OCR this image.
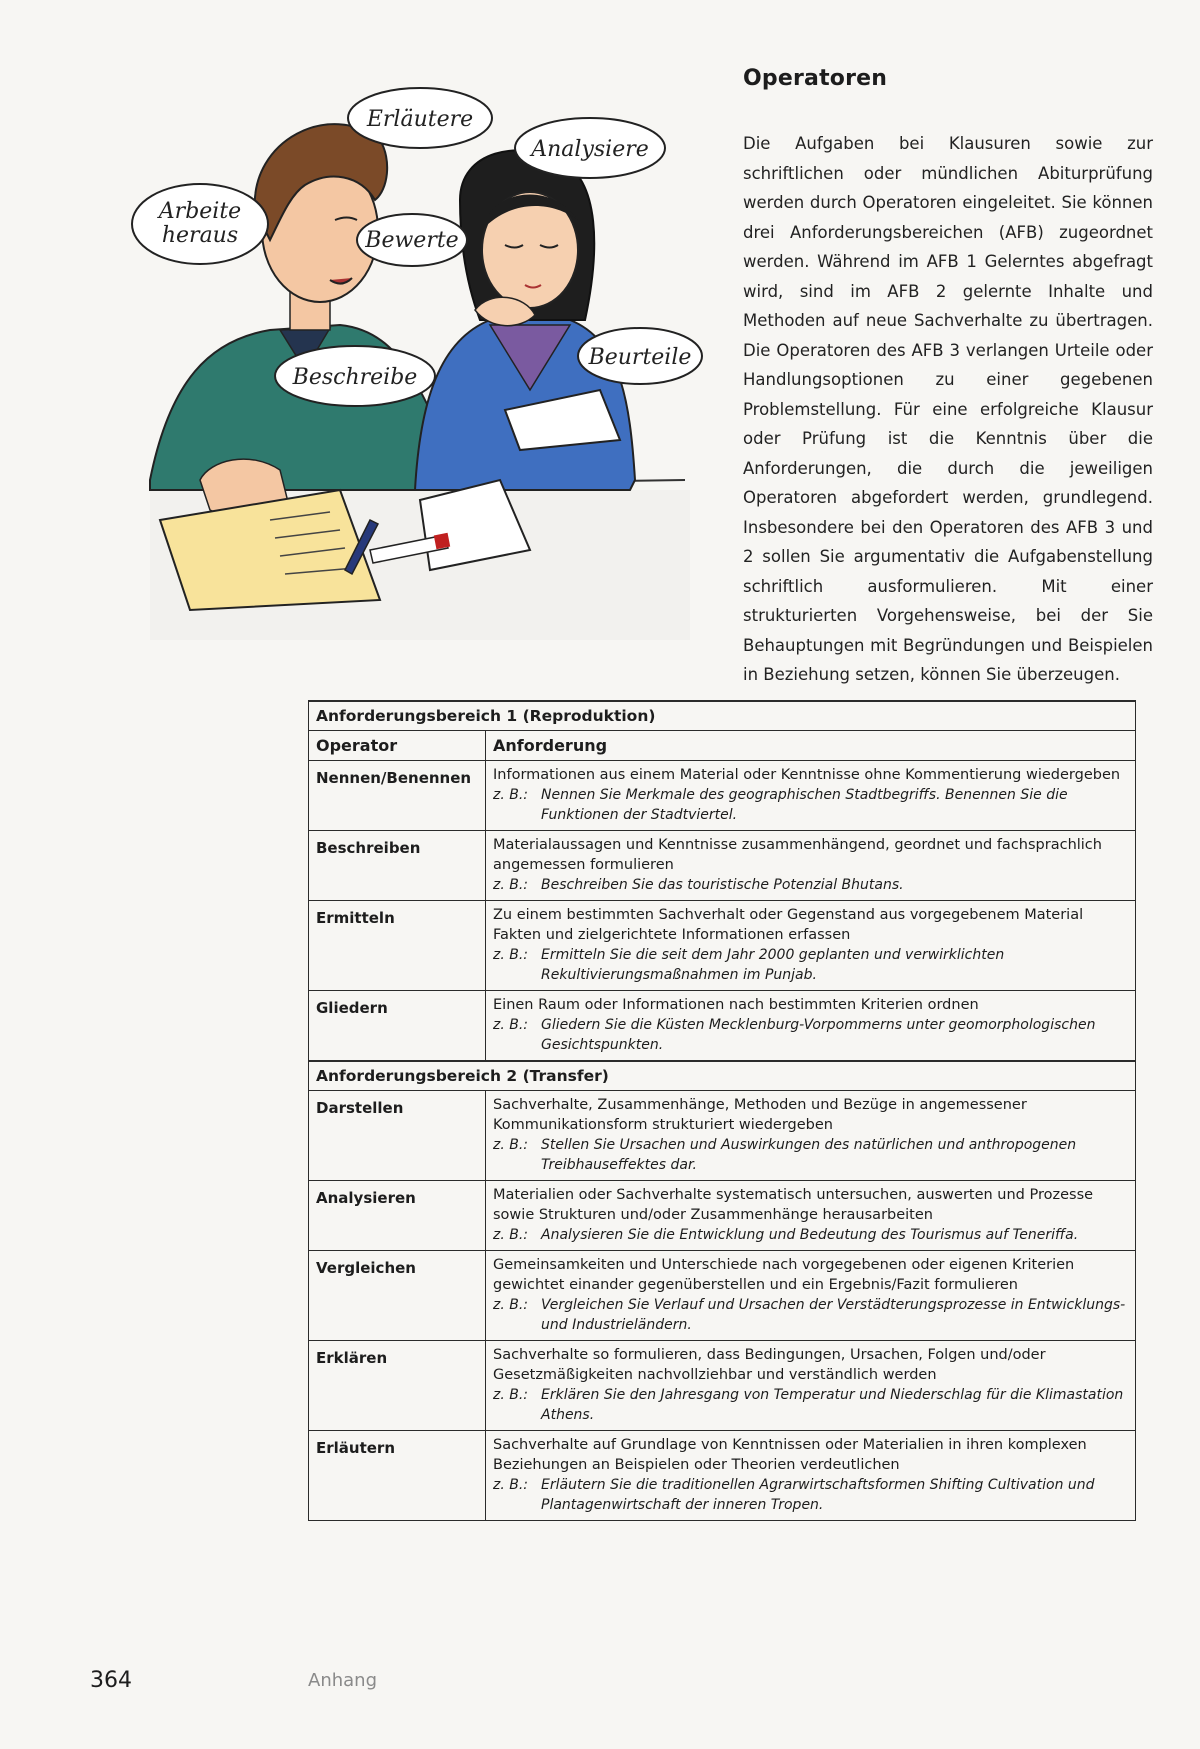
Erläutere
Analysiere
Arbeite
heraus	Bewerte
Beschreibe
Beurteile
Operatoren

Die Aufgaben bei Klausuren sowie zur schriftlichen oder mündlichen Abiturprüfung werden durch Operatoren eingeleitet. Sie können drei Anforderungsbereichen (AFB) zugeordnet werden. Während im AFB 1 Gelerntes abgefragt wird, sind im AFB 2 gelernte Inhalte und Methoden auf neue Sachverhalte zu übertragen. Die Operatoren des AFB 3 verlangen Urteile oder Handlungsoptionen zu einer gegebenen Problemstellung. Für eine erfolgreiche Klausur oder Prüfung ist die Kenntnis über die Anforderungen, die durch die jeweiligen Operatoren abgefordert werden, grundlegend. Insbesondere bei den Operatoren des AFB 3 und 2 sollen Sie argumentativ die Aufgabenstellung schriftlich ausformulieren. Mit einer strukturierten Vorgehensweise, bei der Sie Behauptungen mit Begründungen und Beispielen in Beziehung setzen, können Sie überzeugen.

Anforderungsbereich 1 (Reproduktion)	
Operator	Anforderung
Nennen/Benennen	Informationen aus einem Material oder Kenntnisse ohne Kommentierung wiedergeben
z. B.: Nennen Sie Merkmale des geographischen Stadtbegriffs. Benennen Sie die Funktionen der Stadtviertel.

Beschreiben	Materialaussagen und Kenntnisse zusammenhängend, geordnet und fachsprachlich angemessen formulieren
z. B.: Beschreiben Sie das touristische Potenzial Bhutans.

Ermitteln	Zu einem bestimmten Sachverhalt oder Gegenstand aus vorgegebenem Material Fakten und zielgerichtete Informationen erfassen
z. B.: Ermitteln Sie die seit dem Jahr 2000 geplanten und verwirklichten Rekultivierungsmaßnahmen im Punjab.

Gliedern	Einen Raum oder Informationen nach bestimmten Kriterien ordnen
z. B.: Gliedern Sie die Küsten Mecklenburg-Vorpommerns unter geomorphologischen Gesichtspunkten.

Anforderungsbereich 2 (Transfer)	
Darstellen	Sachverhalte, Zusammenhänge, Methoden und Bezüge in angemessener Kommunikationsform strukturiert wiedergeben
z. B.: Stellen Sie Ursachen und Auswirkungen des natürlichen und anthropogenen Treibhauseffektes dar.

Analysieren	Materialien oder Sachverhalte systematisch untersuchen, auswerten und Prozesse sowie Strukturen und/oder Zusammenhänge herausarbeiten
z. B.: Analysieren Sie die Entwicklung und Bedeutung des Tourismus auf Teneriffa.

Vergleichen	Gemeinsamkeiten und Unterschiede nach vorgegebenen oder eigenen Kriterien gewichtet einander gegenüberstellen und ein Ergebnis/Fazit formulieren
z. B.: Vergleichen Sie Verlauf und Ursachen der Verstädterungsprozesse in Entwicklungs- und Industrieländern.

Erklären	Sachverhalte so formulieren, dass Bedingungen, Ursachen, Folgen und/oder Gesetzmäßigkeiten nachvollziehbar und verständlich werden
z. B.: Erklären Sie den Jahresgang von Temperatur und Niederschlag für die Klimastation Athens.

Erläutern	Sachverhalte auf Grundlage von Kenntnissen oder Materialien in ihren komplexen Beziehungen an Beispielen oder Theorien verdeutlichen
z. B.: Erläutern Sie die traditionellen Agrarwirtschaftsformen Shifting Cultivation und Plantagenwirtschaft der inneren Tropen.
364	Anhang
